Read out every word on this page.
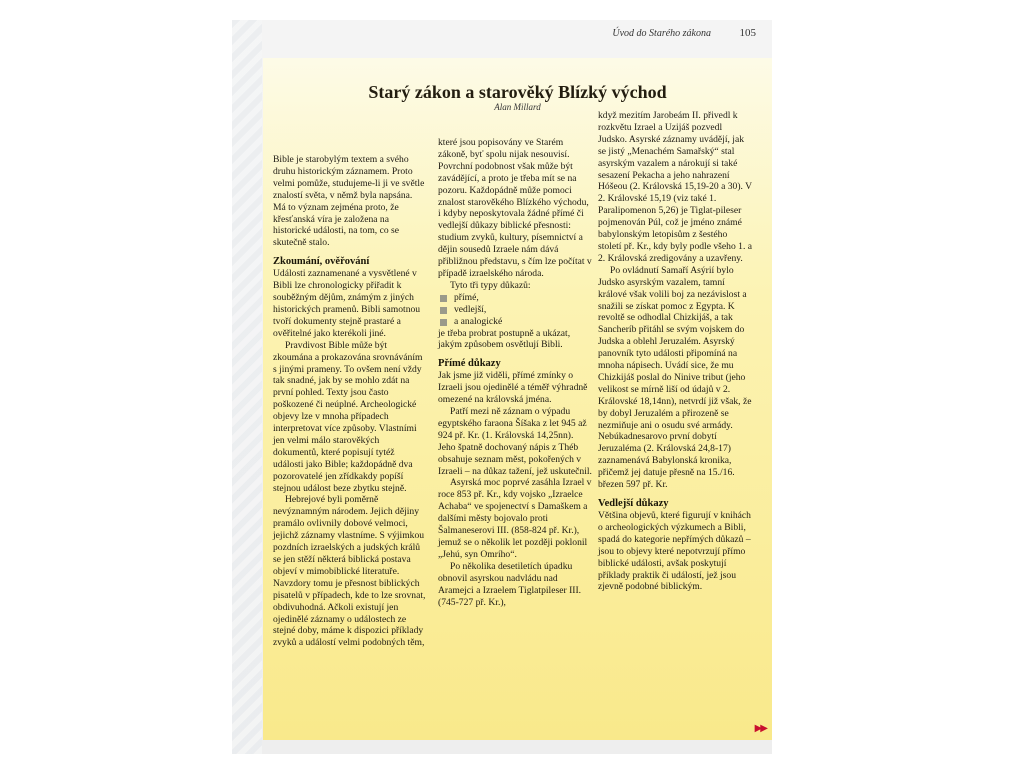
Úvod do Starého zákona	105
Starý zákon a starověký Blízký východ
Alan Millard

Bible je starobylým textem a svého druhu historickým záznamem. Proto velmi pomůže, studujeme-li ji ve světle znalostí světa, v němž byla napsána. Má to význam zejména proto, že křesťanská víra je založena na historické události, na tom, co se skutečně stalo.

Zkoumání, ověřování

Události zaznamenané a vysvětlené v Bibli lze chronologicky přiřadit k souběžným dějům, známým z jiných historických pramenů. Bibli samotnou tvoří dokumenty stejně prastaré a ověřitelné jako kterékoli jiné.

Pravdivost Bible může být zkoumána a prokazována srovnáváním s jinými prameny. To ovšem není vždy tak snadné, jak by se mohlo zdát na první pohled. Texty jsou často poškozené či neúplné. Archeologické objevy lze v mnoha případech interpretovat více způsoby. Vlastními jen velmi málo starověkých dokumentů, které popisují tytéž události jako Bible; každopádně dva pozorovatelé jen zřídkakdy popíší stejnou událost beze zbytku stejně.

Hebrejové byli poměrně nevýznamným národem. Jejich dějiny pramálo ovlivnily dobové velmoci, jejichž záznamy vlastníme. S výjimkou pozdních izraelských a judských králů se jen stěží některá biblická postava objeví v mimobiblické literatuře. Navzdory tomu je přesnost biblických pisatelů v případech, kde to lze srovnat, obdivuhodná. Ačkoli existují jen ojedinělé záznamy o událostech ze stejné doby, máme k dispozici příklady zvyků a událostí velmi podobných těm,

které jsou popisovány ve Starém zákoně, byť spolu nijak nesouvisí. Povrchní podobnost však může být zavádějící, a proto je třeba mít se na pozoru. Každopádně může pomoci znalost starověkého Blízkého východu, i kdyby neposkytovala žádné přímé či vedlejší důkazy biblické přesnosti: studium zvyků, kultury, písemnictví a dějin sousedů Izraele nám dává přibližnou představu, s čím lze počítat v případě izraelského národa.

Tyto tři typy důkazů:

přímé,
vedlejší,
a analogické

je třeba probrat postupně a ukázat, jakým způsobem osvětlují Bibli.

Přímé důkazy

Jak jsme již viděli, přímé zmínky o Izraeli jsou ojedinělé a téměř výhradně omezené na královská jména.

Patří mezi ně záznam o výpadu egyptského faraona Šíšaka z let 945 až 924 př. Kr. (1. Královská 14,25nn). Jeho špatně dochovaný nápis z Théb obsahuje seznam měst, pokořených v Izraeli – na důkaz tažení, jež uskutečnil.

Asyrská moc poprvé zasáhla Izrael v roce 853 př. Kr., kdy vojsko „Izraelce Achaba“ ve spojenectví s Damaškem a dalšími městy bojovalo proti Šalmaneserovi III. (858-824 př. Kr.), jemuž se o několik let později poklonil „Jehú, syn Omrího“.

Po několika desetiletích úpadku obnovil asyrskou nadvládu nad Aramejci a Izraelem Tiglatpileser III. (745-727 př. Kr.),

když mezitím Jarobeám II. přivedl k rozkvětu Izrael a Uzijáš pozvedl Judsko. Asyrské záznamy uvádějí, jak se jistý „Menachém Samařský“ stal asyrským vazalem a nárokují si také sesazení Pekacha a jeho nahrazení Hóšeou (2. Královská 15,19-20 a 30). V 2. Královské 15,19 (viz také 1. Paralipomenon 5,26) je Tiglat-pileser pojmenován Púl, což je jméno známé babylonským letopisům z šestého století př. Kr., kdy byly podle všeho 1. a 2. Královská zredigovány a uzavřeny.

Po ovládnutí Samaří Asýrií bylo Judsko asyrským vazalem, tamní králové však volili boj za nezávislost a snažili se získat pomoc z Egypta. K revoltě se odhodlal Chizkijáš, a tak Sancheríb přitáhl se svým vojskem do Judska a oblehl Jeruzalém. Asyrský panovník tyto události připomíná na mnoha nápisech. Uvádí sice, že mu Chizkijáš poslal do Ninive tribut (jeho velikost se mírně liší od údajů v 2. Královské 18,14nn), netvrdí již však, že by dobyl Jeruzalém a přirozeně se nezmiňuje ani o osudu své armády. Nebúkadnesarovo první dobytí Jeruzaléma (2. Královská 24,8-17) zaznamenává Babylonská kronika, přičemž jej datuje přesně na 15./16. březen 597 př. Kr.

Vedlejší důkazy

Většina objevů, které figurují v knihách o archeologických výzkumech a Bibli, spadá do kategorie nepřímých důkazů – jsou to objevy které nepotvrzují přímo biblické události, avšak poskytují příklady praktik či událostí, jež jsou zjevně podobné biblickým.

▶▶
